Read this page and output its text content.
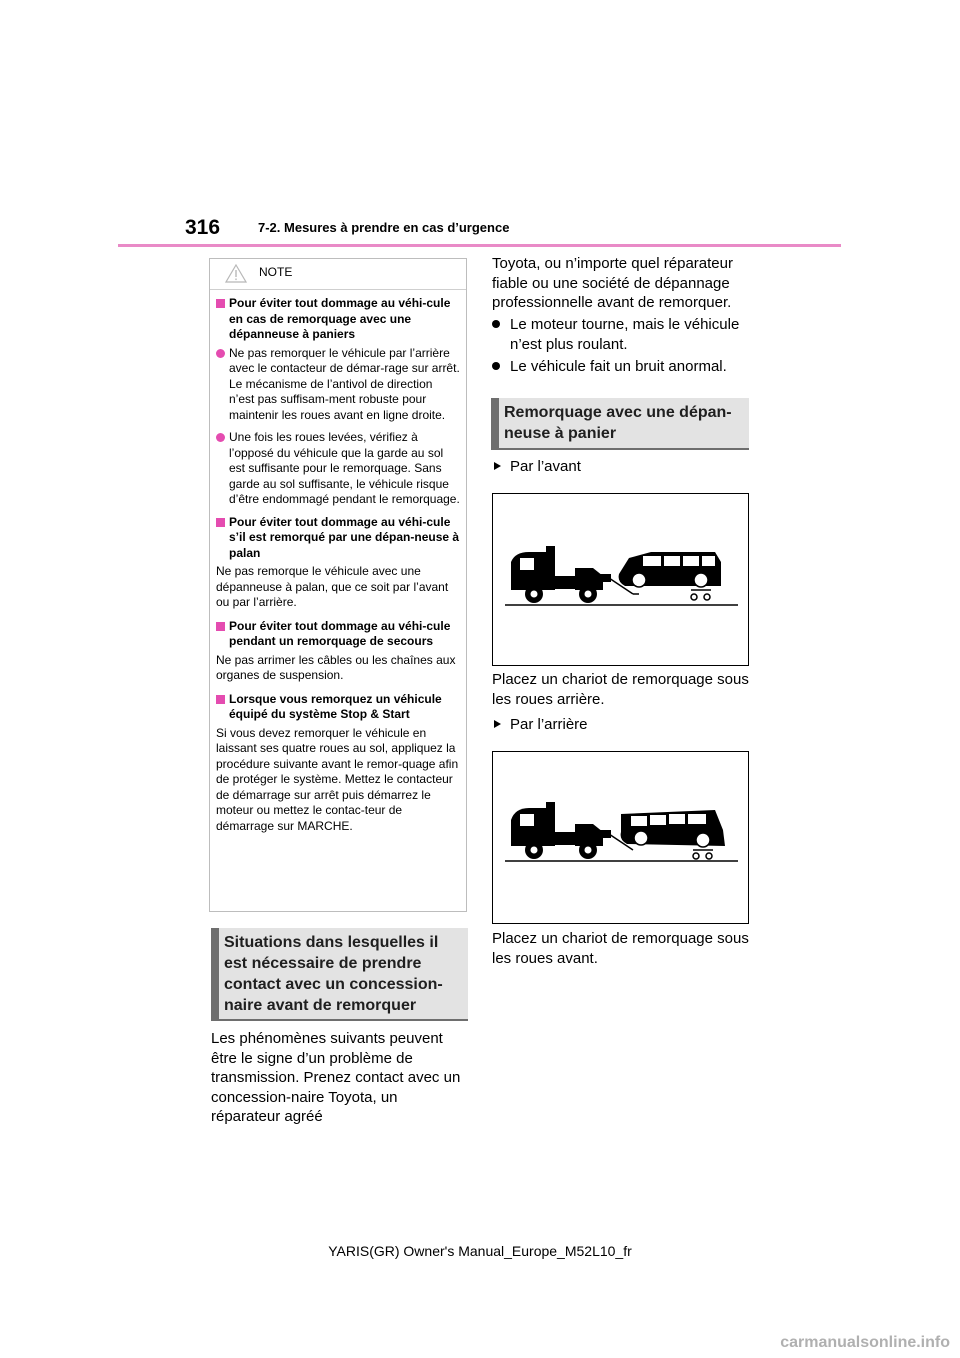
316	7-2. Mesures à prendre en cas d’urgence
NOTE
Pour éviter tout dommage au véhi-cule en cas de remorquage avec une dépanneuse à paniers
Ne pas remorquer le véhicule par l’arrière avec le contacteur de démar-rage sur arrêt. Le mécanisme de l’antivol de direction n’est pas suffisam-ment robuste pour maintenir les roues avant en ligne droite.
Une fois les roues levées, vérifiez à l’opposé du véhicule que la garde au sol est suffisante pour le remorquage. Sans garde au sol suffisante, le véhicule risque d’être endommagé pendant le remorquage.
Pour éviter tout dommage au véhi-cule s’il est remorqué par une dépan-neuse à palan
Ne pas remorque le véhicule avec une dépanneuse à palan, que ce soit par l’avant ou par l’arrière.
Pour éviter tout dommage au véhi-cule pendant un remorquage de secours
Ne pas arrimer les câbles ou les chaînes aux organes de suspension.
Lorsque vous remorquez un véhicule équipé du système Stop & Start
Si vous devez remorquer le véhicule en laissant ses quatre roues au sol, appliquez la procédure suivante avant le remor-quage afin de protéger le système. Mettez le contacteur de démarrage sur arrêt puis démarrez le moteur ou mettez le contac-teur de démarrage sur MARCHE.
Situations dans lesquelles il est nécessaire de prendre contact avec un concession-naire avant de remorquer

Les phénomènes suivants peuvent être le signe d’un problème de transmission. Prenez contact avec un concession-naire Toyota, un réparateur agréé

Toyota, ou n’importe quel réparateur fiable ou une société de dépannage professionnelle avant de remorquer.

Le moteur tourne, mais le véhicule n’est plus roulant.

Le véhicule fait un bruit anormal.

Remorquage avec une dépan-neuse à panier

Par l’avant

Placez un chariot de remorquage sous les roues arrière.

Par l’arrière

Placez un chariot de remorquage sous les roues avant.

YARIS(GR) Owner's Manual_Europe_M52L10_fr
carmanualsonline.info
